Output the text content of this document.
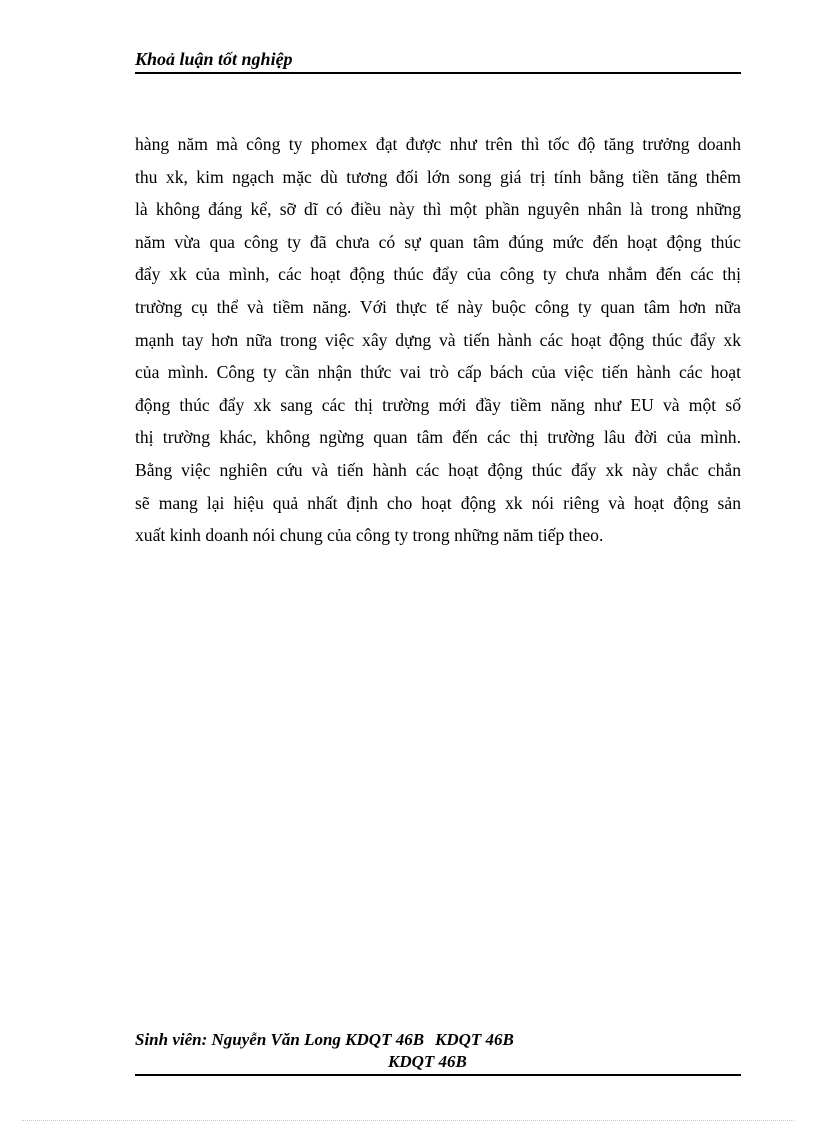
Khoả luận tốt nghiệp
hàng năm mà công ty phomex đạt được như trên thì tốc độ tăng trưởng doanh
thu xk, kim ngạch mặc dù tương đối lớn song giá trị tính bằng tiền tăng thêm
là không đáng kể, sỡ dĩ có điều này thì một phần nguyên nhân là trong những
năm vừa qua công ty đã chưa có sự quan tâm đúng mức đến hoạt động thúc
đẩy xk của mình, các hoạt động thúc đẩy của công ty chưa nhắm đến các thị
trường cụ thể và tiềm năng. Với thực tế này buộc công ty quan tâm hơn nữa
mạnh tay hơn nữa trong việc xây dựng và tiến hành các hoạt động thúc đẩy xk
của mình. Công ty cần nhận thức vai trò cấp bách của việc tiến hành các hoạt
động thúc đẩy xk sang các thị trường mới đầy tiềm năng như EU và một số
thị trường khác, không ngừng quan tâm đến các thị trường lâu đời của mình.
Bằng việc nghiên cứu và tiến hành các hoạt động thúc đẩy xk này chắc chắn
sẽ mang lại hiệu quả nhất định cho hoạt động xk nói riêng và hoạt động sản
xuất kinh doanh nói chung của công ty trong những năm tiếp theo.
Sinh viên: Nguyễn Văn Long KDQT 46B KDQT 46B
KDQT 46B
